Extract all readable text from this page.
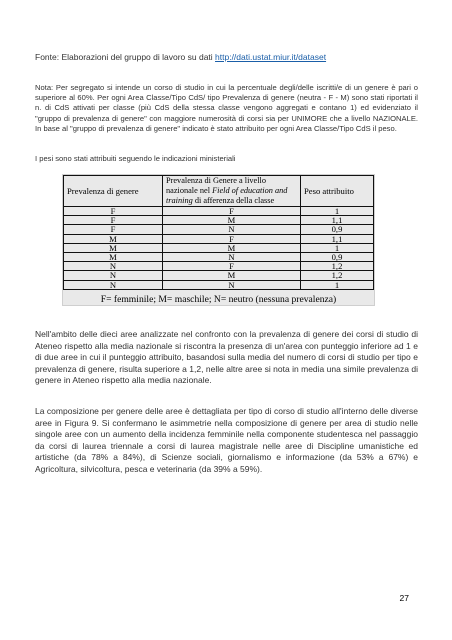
Fonte: Elaborazioni del gruppo di lavoro su dati http://dati.ustat.miur.it/dataset

Nota: Per segregato si intende un corso di studio in cui la percentuale degli/delle iscritti/e di un genere è pari o superiore al 60%. Per ogni Area Classe/Tipo CdS/ tipo Prevalenza di genere (neutra - F - M) sono stati riportati il n. di CdS attivati per classe (più CdS della stessa classe vengono aggregati e contano 1) ed evidenziato il "gruppo di prevalenza di genere" con maggiore numerosità di corsi sia per UNIMORE che a livello NAZIONALE. In base al "gruppo di prevalenza di genere" indicato è stato attribuito per ogni Area Classe/Tipo CdS il peso.

I pesi sono stati attribuiti seguendo le indicazioni ministeriali

Prevalenza di genere	Prevalenza di Genere a livello nazionale nel Field of education and training di afferenza della classe	Peso attribuito
F	F	1
F	M	1,1
F	N	0,9
M	F	1,1
M	M	1
M	N	0,9
N	F	1,2
N	M	1,2
N	N	1
F= femminile; M= maschile; N= neutro (nessuna prevalenza)

Nell'ambito delle dieci aree analizzate nel confronto con la prevalenza di genere dei corsi di studio di Ateneo rispetto alla media nazionale si riscontra la presenza di un'area con punteggio inferiore ad 1 e di due aree in cui il punteggio attribuito, basandosi sulla media del numero di corsi di studio per tipo e prevalenza di genere, risulta superiore a 1,2, nelle altre aree si nota in media una simile prevalenza di genere in Ateneo rispetto alla media nazionale.

La composizione per genere delle aree è dettagliata per tipo di corso di studio all'interno delle diverse aree in Figura 9. Si confermano le asimmetrie nella composizione di genere per area di studio nelle singole aree con un aumento della incidenza femminile nella componente studentesca nel passaggio da corsi di laurea triennale a corsi di laurea magistrale nelle aree di Discipline umanistiche ed artistiche (da 78% a 84%), di Scienze sociali, giornalismo e informazione (da 53% a 67%) e Agricoltura, silvicoltura, pesca e veterinaria (da 39% a 59%).

27
